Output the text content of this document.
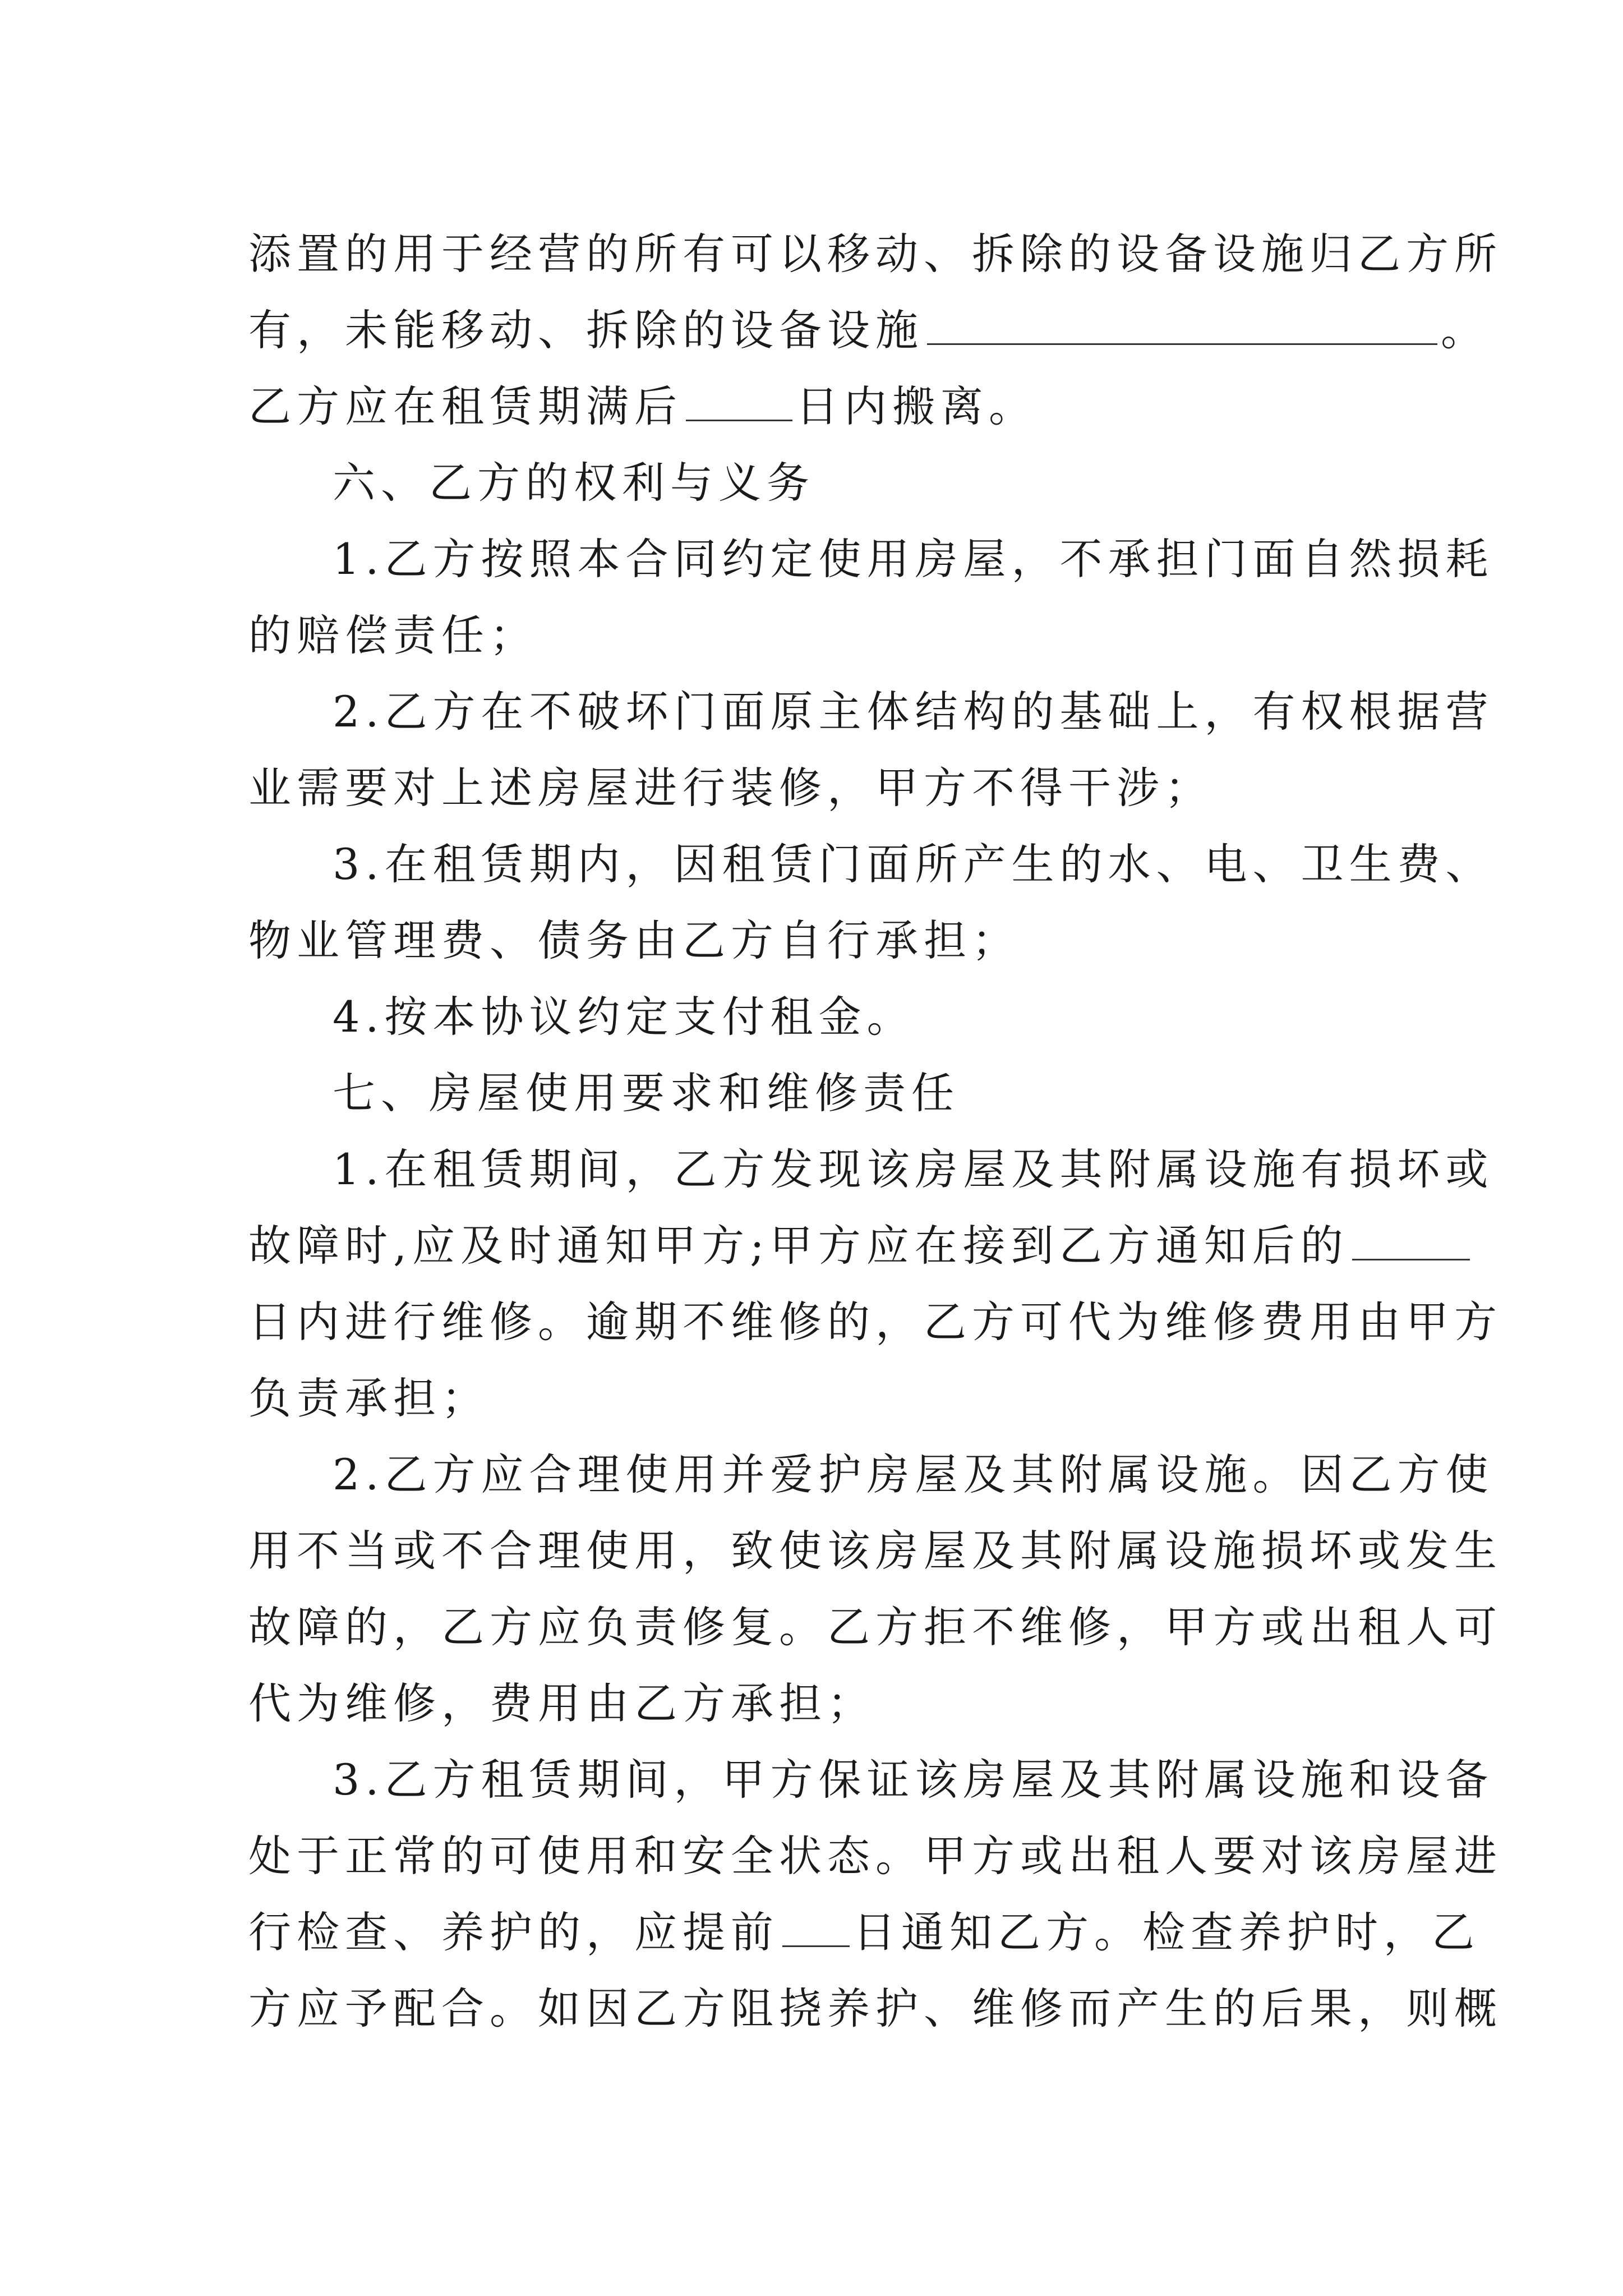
添置的用于经营的所有可以移动、拆除的设备设施归乙方所
有，未能移动、拆除的设备设施	。
乙方应在租赁期满后	日内搬离。
六、乙方的权利与义务
1.乙方按照本合同约定使用房屋，不承担门面自然损耗
的赔偿责任；
2.乙方在不破坏门面原主体结构的基础上，有权根据营
业需要对上述房屋进行装修，甲方不得干涉；
3.在租赁期内，因租赁门面所产生的水、电、卫生费、
物业管理费、债务由乙方自行承担；
4.按本协议约定支付租金。
七、房屋使用要求和维修责任
1.在租赁期间，乙方发现该房屋及其附属设施有损坏或
故障时,应及时通知甲方;甲方应在接到乙方通知后的
日内进行维修。逾期不维修的，乙方可代为维修费用由甲方
负责承担；
2.乙方应合理使用并爱护房屋及其附属设施。因乙方使
用不当或不合理使用，致使该房屋及其附属设施损坏或发生
故障的，乙方应负责修复。乙方拒不维修，甲方或出租人可
代为维修，费用由乙方承担；
3.乙方租赁期间，甲方保证该房屋及其附属设施和设备
处于正常的可使用和安全状态。甲方或出租人要对该房屋进
行检查、养护的，应提前 日通知乙方。检查养护时，乙
方应予配合。如因乙方阻挠养护、维修而产生的后果，则概
